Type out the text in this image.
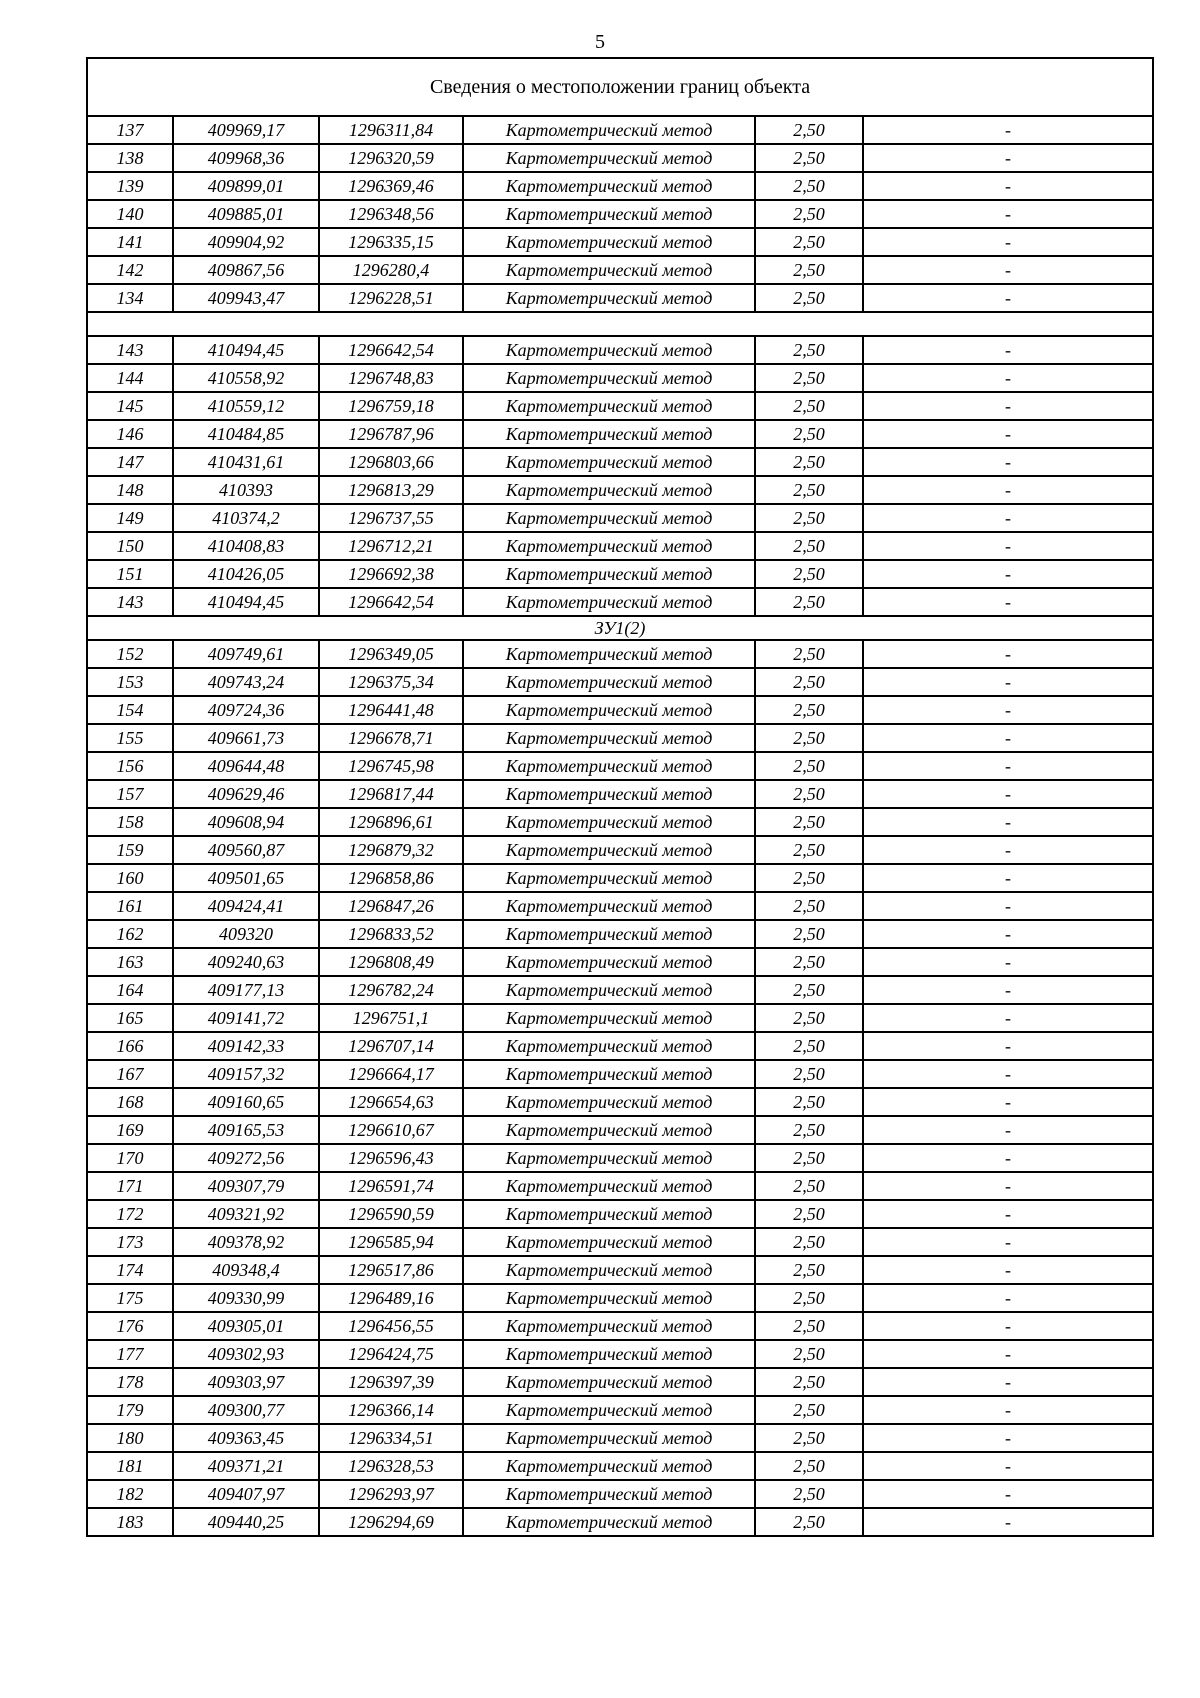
5
Сведения о местоположении границ объекта					
137	409969,17	1296311,84	Картометрический метод	2,50	-
138	409968,36	1296320,59	Картометрический метод	2,50	-
139	409899,01	1296369,46	Картометрический метод	2,50	-
140	409885,01	1296348,56	Картометрический метод	2,50	-
141	409904,92	1296335,15	Картометрический метод	2,50	-
142	409867,56	1296280,4	Картометрический метод	2,50	-
134	409943,47	1296228,51	Картометрический метод	2,50	-

143	410494,45	1296642,54	Картометрический метод	2,50	-
144	410558,92	1296748,83	Картометрический метод	2,50	-
145	410559,12	1296759,18	Картометрический метод	2,50	-
146	410484,85	1296787,96	Картометрический метод	2,50	-
147	410431,61	1296803,66	Картометрический метод	2,50	-
148	410393	1296813,29	Картометрический метод	2,50	-
149	410374,2	1296737,55	Картометрический метод	2,50	-
150	410408,83	1296712,21	Картометрический метод	2,50	-
151	410426,05	1296692,38	Картометрический метод	2,50	-
143	410494,45	1296642,54	Картометрический метод	2,50	-
ЗУ1(2)					
152	409749,61	1296349,05	Картометрический метод	2,50	-
153	409743,24	1296375,34	Картометрический метод	2,50	-
154	409724,36	1296441,48	Картометрический метод	2,50	-
155	409661,73	1296678,71	Картометрический метод	2,50	-
156	409644,48	1296745,98	Картометрический метод	2,50	-
157	409629,46	1296817,44	Картометрический метод	2,50	-
158	409608,94	1296896,61	Картометрический метод	2,50	-
159	409560,87	1296879,32	Картометрический метод	2,50	-
160	409501,65	1296858,86	Картометрический метод	2,50	-
161	409424,41	1296847,26	Картометрический метод	2,50	-
162	409320	1296833,52	Картометрический метод	2,50	-
163	409240,63	1296808,49	Картометрический метод	2,50	-
164	409177,13	1296782,24	Картометрический метод	2,50	-
165	409141,72	1296751,1	Картометрический метод	2,50	-
166	409142,33	1296707,14	Картометрический метод	2,50	-
167	409157,32	1296664,17	Картометрический метод	2,50	-
168	409160,65	1296654,63	Картометрический метод	2,50	-
169	409165,53	1296610,67	Картометрический метод	2,50	-
170	409272,56	1296596,43	Картометрический метод	2,50	-
171	409307,79	1296591,74	Картометрический метод	2,50	-
172	409321,92	1296590,59	Картометрический метод	2,50	-
173	409378,92	1296585,94	Картометрический метод	2,50	-
174	409348,4	1296517,86	Картометрический метод	2,50	-
175	409330,99	1296489,16	Картометрический метод	2,50	-
176	409305,01	1296456,55	Картометрический метод	2,50	-
177	409302,93	1296424,75	Картометрический метод	2,50	-
178	409303,97	1296397,39	Картометрический метод	2,50	-
179	409300,77	1296366,14	Картометрический метод	2,50	-
180	409363,45	1296334,51	Картометрический метод	2,50	-
181	409371,21	1296328,53	Картометрический метод	2,50	-
182	409407,97	1296293,97	Картометрический метод	2,50	-
183	409440,25	1296294,69	Картометрический метод	2,50	-
